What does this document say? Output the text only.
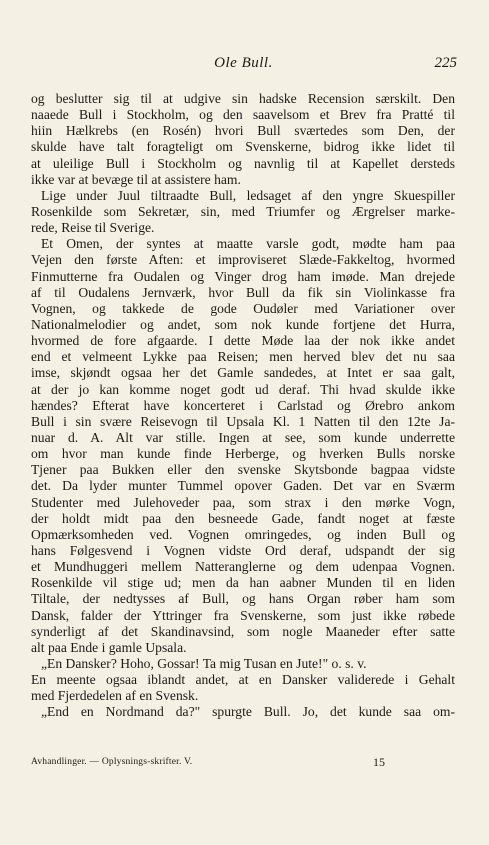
Ole Bull.	225
og beslutter sig til at udgive sin hadske Recension særskilt. Den
naaede Bull i Stockholm, og den saavelsom et Brev fra Pratté til
hiin Hælkrebs (en Rosén) hvori Bull sværtedes som Den, der
skulde have talt foragteligt om Svenskerne, bidrog ikke lidet til
at uleilige Bull i Stockholm og navnlig til at Kapellet dersteds
ikke var at bevæge til at assistere ham.
Lige under Juul tiltraadte Bull, ledsaget af den yngre Skuespiller
Rosenkilde som Sekretær, sin, med Triumfer og Ærgrelser marke-
rede, Reise til Sverige.
Et Omen, der syntes at maatte varsle godt, mødte ham paa
Vejen den første Aften: et improviseret Slæde-Fakkeltog, hvormed
Finmutterne fra Oudalen og Vinger drog ham imøde. Man drejede
af til Oudalens Jernværk, hvor Bull da fik sin Violinkasse fra
Vognen, og takkede de gode Oudøler med Variationer over
Nationalmelodier og andet, som nok kunde fortjene det Hurra,
hvormed de fore afgaarde. I dette Møde laa der nok ikke andet
end et velmeent Lykke paa Reisen; men herved blev det nu saa
imse, skjøndt ogsaa her det Gamle sandedes, at Intet er saa galt,
at der jo kan komme noget godt ud deraf. Thi hvad skulde ikke
hændes? Efterat have koncerteret i Carlstad og Ørebro ankom
Bull i sin svære Reisevogn til Upsala Kl. 1 Natten til den 12te Ja-
nuar d. A. Alt var stille. Ingen at see, som kunde underrette
om hvor man kunde finde Herberge, og hverken Bulls norske
Tjener paa Bukken eller den svenske Skytsbonde bagpaa vidste
det. Da lyder munter Tummel opover Gaden. Det var en Sværm
Studenter med Julehoveder paa, som strax i den mørke Vogn,
der holdt midt paa den besneede Gade, fandt noget at fæste
Opmærksomheden ved. Vognen omringedes, og inden Bull og
hans Følgesvend i Vognen vidste Ord deraf, udspandt der sig
et Mundhuggeri mellem Natteranglerne og dem udenpaa Vognen.
Rosenkilde vil stige ud; men da han aabner Munden til en liden
Tiltale, der nedtysses af Bull, og hans Organ røber ham som
Dansk, falder der Yttringer fra Svenskerne, som just ikke røbede
synderligt af det Skandinavsind, som nogle Maaneder efter satte
alt paa Ende i gamle Upsala.
„En Dansker? Hoho, Gossar! Ta mig Tusan en Jute!" o. s. v.
En meente ogsaa iblandt andet, at en Dansker validerede i Gehalt
med Fjerdedelen af en Svensk.
„End en Nordmand da?" spurgte Bull. Jo, det kunde saa om-
Avhandlinger. — Oplysnings-skrifter. V.	15
